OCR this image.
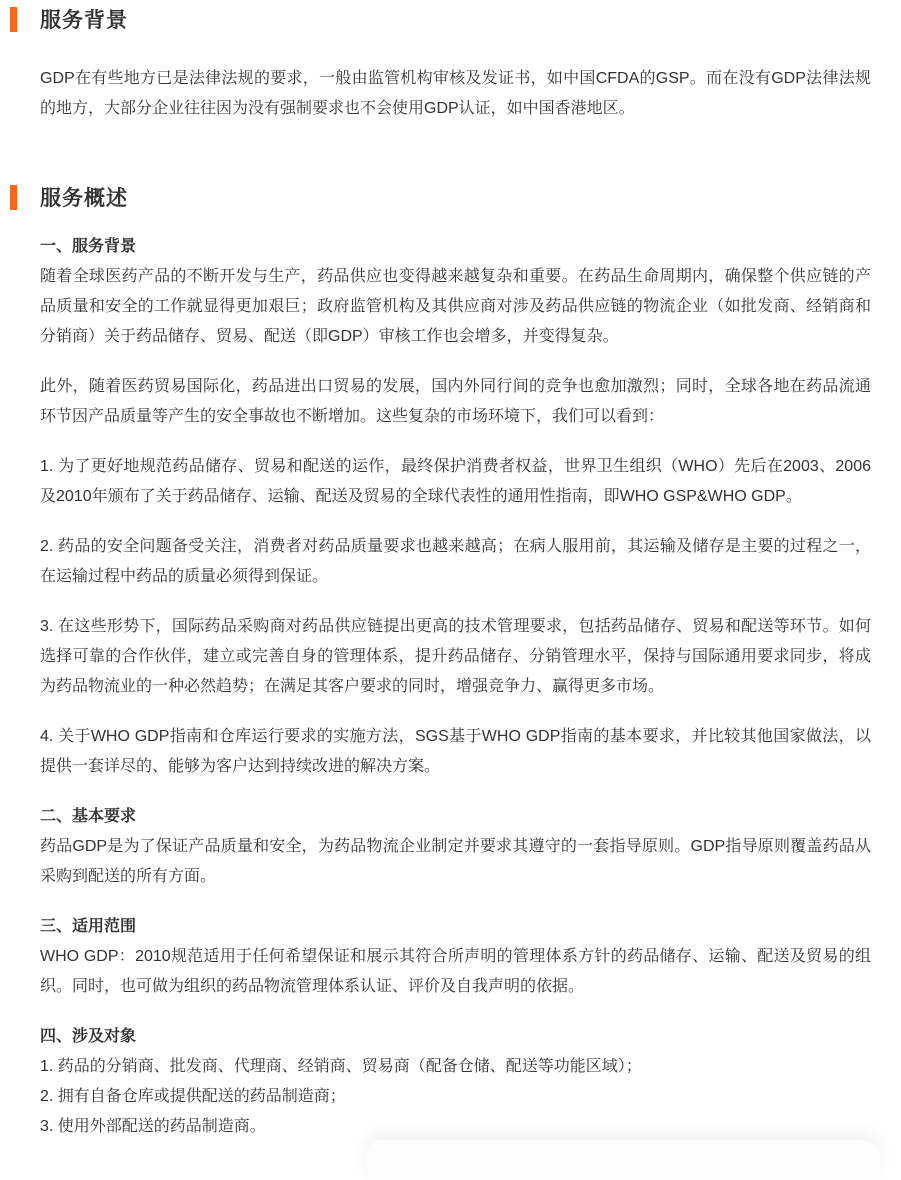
服务背景

GDP在有些地方已是法律法规的要求，一般由监管机构审核及发证书，如中国CFDA的GSP。而在没有GDP法律法规的地方，大部分企业往往因为没有强制要求也不会使用GDP认证，如中国香港地区。

服务概述
一、服务背景

随着全球医药产品的不断开发与生产，药品供应也变得越来越复杂和重要。在药品生命周期内，确保整个供应链的产品质量和安全的工作就显得更加艰巨；政府监管机构及其供应商对涉及药品供应链的物流企业（如批发商、经销商和分销商）关于药品储存、贸易、配送（即GDP）审核工作也会增多，并变得复杂。

此外，随着医药贸易国际化，药品进出口贸易的发展，国内外同行间的竞争也愈加激烈；同时，全球各地在药品流通环节因产品质量等产生的安全事故也不断增加。这些复杂的市场环境下，我们可以看到：

1. 为了更好地规范药品储存、贸易和配送的运作，最终保护消费者权益，世界卫生组织（WHO）先后在2003、2006及2010年颁布了关于药品储存、运输、配送及贸易的全球代表性的通用性指南，即WHO GSP&WHO GDP。

2. 药品的安全问题备受关注，消费者对药品质量要求也越来越高；在病人服用前，其运输及储存是主要的过程之一，在运输过程中药品的质量必须得到保证。

3. 在这些形势下，国际药品采购商对药品供应链提出更高的技术管理要求，包括药品储存、贸易和配送等环节。如何选择可靠的合作伙伴，建立或完善自身的管理体系，提升药品储存、分销管理水平，保持与国际通用要求同步，将成为药品物流业的一种必然趋势；在满足其客户要求的同时，增强竞争力、赢得更多市场。

4. 关于WHO GDP指南和仓库运行要求的实施方法，SGS基于WHO GDP指南的基本要求，并比较其他国家做法，以提供一套详尽的、能够为客户达到持续改进的解决方案。

二、基本要求

药品GDP是为了保证产品质量和安全，为药品物流企业制定并要求其遵守的一套指导原则。GDP指导原则覆盖药品从采购到配送的所有方面。

三、适用范围

WHO GDP：2010规范适用于任何希望保证和展示其符合所声明的管理体系方针的药品储存、运输、配送及贸易的组织。同时，也可做为组织的药品物流管理体系认证、评价及自我声明的依据。

四、涉及对象

1. 药品的分销商、批发商、代理商、经销商、贸易商（配备仓储、配送等功能区域）；

2. 拥有自备仓库或提供配送的药品制造商；

3. 使用外部配送的药品制造商。
